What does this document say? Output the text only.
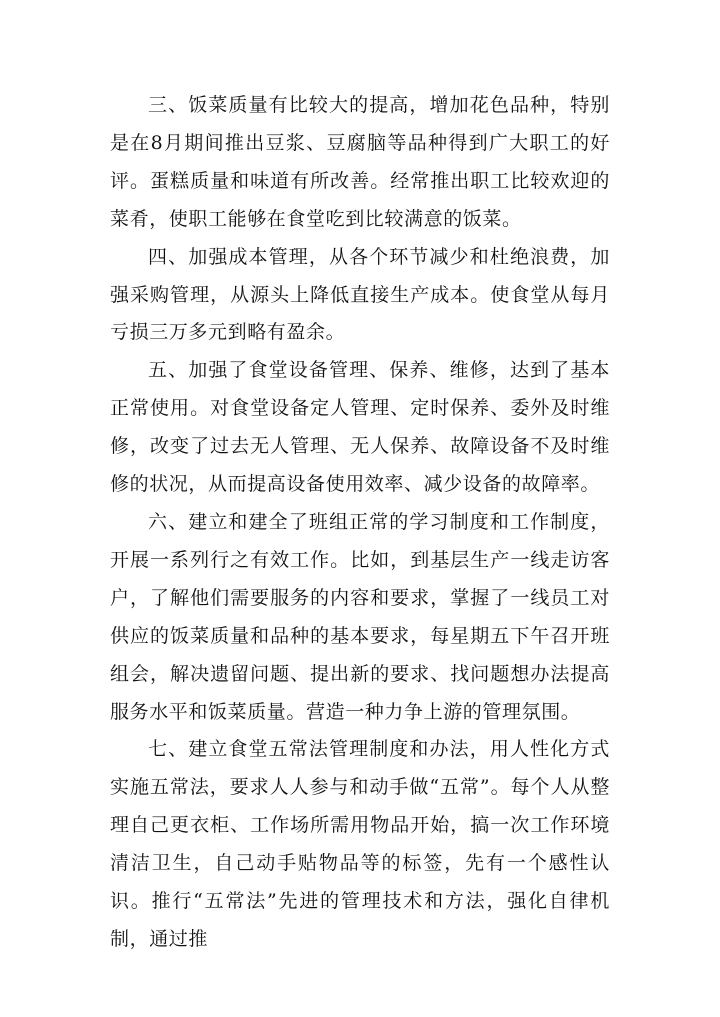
三、饭菜质量有比较大的提高，增加花色品种，特别是在8月期间推出豆浆、豆腐脑等品种得到广大职工的好评。蛋糕质量和味道有所改善。经常推出职工比较欢迎的菜肴，使职工能够在食堂吃到比较满意的饭菜。

四、加强成本管理，从各个环节减少和杜绝浪费，加强采购管理，从源头上降低直接生产成本。使食堂从每月亏损三万多元到略有盈余。

五、加强了食堂设备管理、保养、维修，达到了基本正常使用。对食堂设备定人管理、定时保养、委外及时维修，改变了过去无人管理、无人保养、故障设备不及时维修的状况，从而提高设备使用效率、减少设备的故障率。

六、建立和建全了班组正常的学习制度和工作制度，开展一系列行之有效工作。比如，到基层生产一线走访客户，了解他们需要服务的内容和要求，掌握了一线员工对供应的饭菜质量和品种的基本要求，每星期五下午召开班组会，解决遗留问题、提出新的要求、找问题想办法提高服务水平和饭菜质量。营造一种力争上游的管理氛围。

七、建立食堂五常法管理制度和办法，用人性化方式实施五常法，要求人人参与和动手做“五常”。每个人从整理自己更衣柜、工作场所需用物品开始，搞一次工作环境清洁卫生，自己动手贴物品等的标签，先有一个感性认识。推行“五常法”先进的管理技术和方法，强化自律机制，通过推
